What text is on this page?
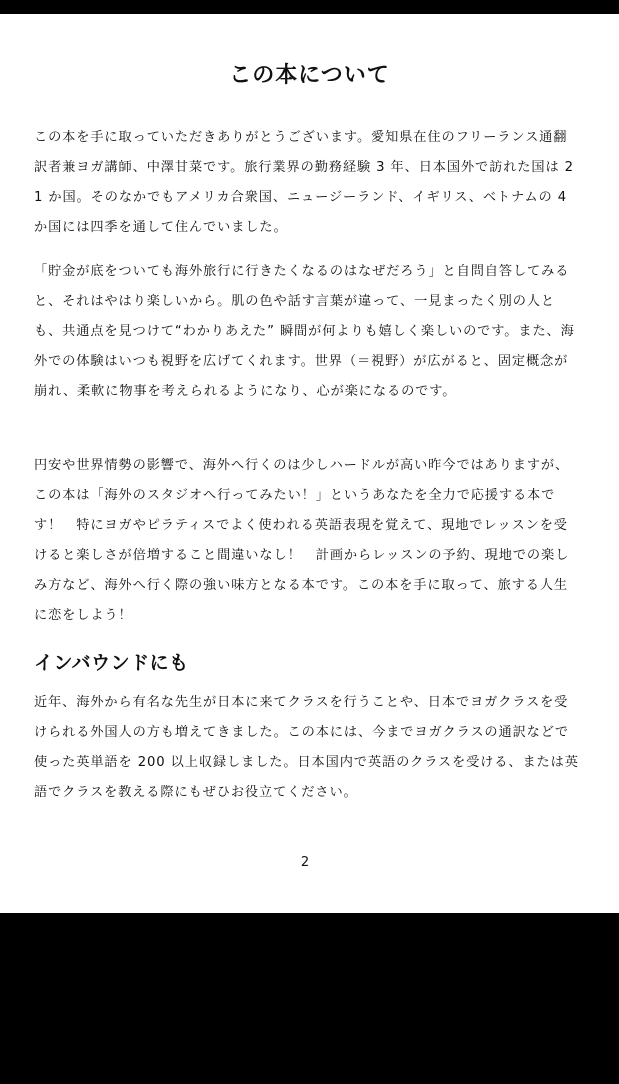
この本について

この本を手に取っていただきありがとうございます。愛知県在住のフリーランス通翻訳者兼ヨガ講師、中澤甘菜です。旅行業界の勤務経験 3 年、日本国外で訪れた国は 21 か国。そのなかでもアメリカ合衆国、ニュージーランド、イギリス、ベトナムの 4 か国には四季を通して住んでいました。

「貯金が底をついても海外旅行に行きたくなるのはなぜだろう」と自問自答してみると、それはやはり楽しいから。肌の色や話す言葉が違って、一見まったく別の人とも、共通点を見つけて“わかりあえた” 瞬間が何よりも嬉しく楽しいのです。また、海外での体験はいつも視野を広げてくれます。世界（＝視野）が広がると、固定概念が崩れ、柔軟に物事を考えられるようになり、心が楽になるのです。

円安や世界情勢の影響で、海外へ行くのは少しハードルが高い昨今ではありますが、この本は「海外のスタジオへ行ってみたい！」というあなたを全力で応援する本です！　特にヨガやピラティスでよく使われる英語表現を覚えて、現地でレッスンを受けると楽しさが倍増すること間違いなし！　計画からレッスンの予約、現地での楽しみ方など、海外へ行く際の強い味方となる本です。この本を手に取って、旅する人生に恋をしよう！

インバウンドにも

近年、海外から有名な先生が日本に来てクラスを行うことや、日本でヨガクラスを受けられる外国人の方も増えてきました。この本には、今までヨガクラスの通訳などで使った英単語を 200 以上収録しました。日本国内で英語のクラスを受ける、または英語でクラスを教える際にもぜひお役立てください。

2
